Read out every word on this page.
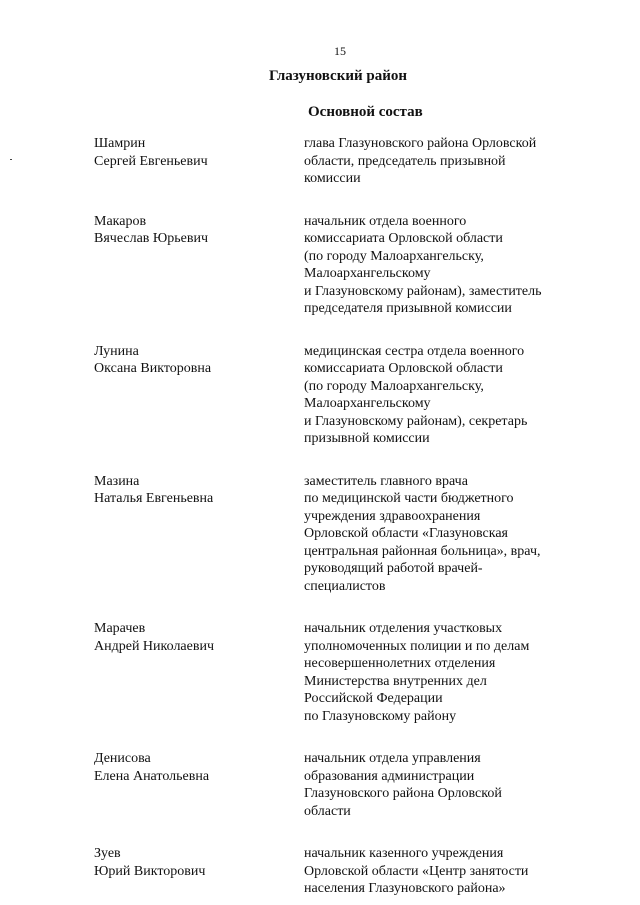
15
Глазуновский район
Основной состав
Шамрин
Сергей Евгеньевич
глава Глазуновского района Орловской
области, председатель призывной
комиссии
Макаров
Вячеслав Юрьевич
начальник отдела военного
комиссариата Орловской области
(по городу Малоархангельску,
Малоархангельскому
и Глазуновскому районам), заместитель
председателя призывной комиссии
Лунина
Оксана Викторовна
медицинская сестра отдела военного
комиссариата Орловской области
(по городу Малоархангельску,
Малоархангельскому
и Глазуновскому районам), секретарь
призывной комиссии
Мазина
Наталья Евгеньевна
заместитель главного врача
по медицинской части бюджетного
учреждения здравоохранения
Орловской области «Глазуновская
центральная районная больница», врач,
руководящий работой врачей-
специалистов
Марачев
Андрей Николаевич
начальник отделения участковых
уполномоченных полиции и по делам
несовершеннолетних отделения
Министерства внутренних дел
Российской Федерации
по Глазуновскому району
Денисова
Елена Анатольевна
начальник отдела управления
образования администрации
Глазуновского района Орловской
области
Зуев
Юрий Викторович
начальник казенного учреждения
Орловской области «Центр занятости
населения Глазуновского района»
